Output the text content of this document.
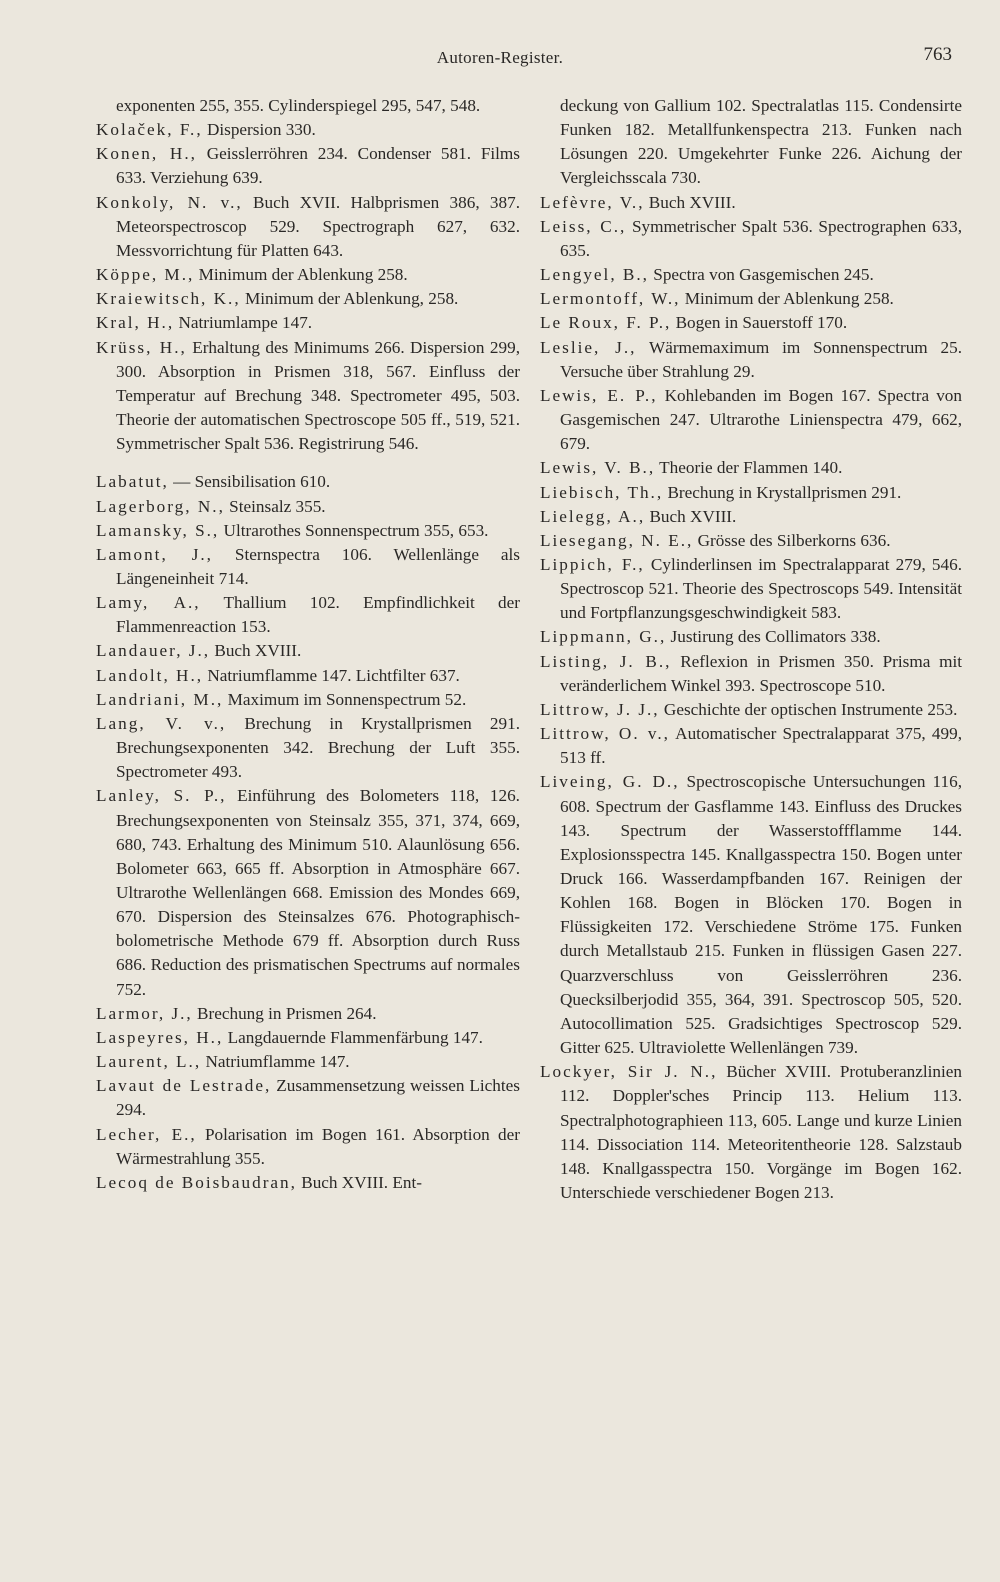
Autoren-Register.	763

exponenten 255, 355. Cylinderspiegel 295, 547, 548.

Kolaček, F., Dispersion 330.

Konen, H., Geisslerröhren 234. Condenser 581. Films 633. Verziehung 639.

Konkoly, N. v., Buch XVII. Halbprismen 386, 387. Meteorspectroscop 529. Spectrograph 627, 632. Messvorrichtung für Platten 643.

Köppe, M., Minimum der Ablenkung 258.

Kraiewitsch, K., Minimum der Ablenkung, 258.

Kral, H., Natriumlampe 147.

Krüss, H., Erhaltung des Minimums 266. Dispersion 299, 300. Absorption in Prismen 318, 567. Einfluss der Temperatur auf Brechung 348. Spectrometer 495, 503. Theorie der automatischen Spectroscope 505 ff., 519, 521. Symmetrischer Spalt 536. Registrirung 546.

Labatut, — Sensibilisation 610.

Lagerborg, N., Steinsalz 355.

Lamansky, S., Ultrarothes Sonnenspectrum 355, 653.

Lamont, J., Sternspectra 106. Wellenlänge als Längeneinheit 714.

Lamy, A., Thallium 102. Empfindlichkeit der Flammenreaction 153.

Landauer, J., Buch XVIII.

Landolt, H., Natriumflamme 147. Lichtfilter 637.

Landriani, M., Maximum im Sonnenspectrum 52.

Lang, V. v., Brechung in Krystallprismen 291. Brechungsexponenten 342. Brechung der Luft 355. Spectrometer 493.

Lanley, S. P., Einführung des Bolometers 118, 126. Brechungsexponenten von Steinsalz 355, 371, 374, 669, 680, 743. Erhaltung des Minimum 510. Alaunlösung 656. Bolometer 663, 665 ff. Absorption in Atmosphäre 667. Ultrarothe Wellenlängen 668. Emission des Mondes 669, 670. Dispersion des Steinsalzes 676. Photographisch-bolometrische Methode 679 ff. Absorption durch Russ 686. Reduction des prismatischen Spectrums auf normales 752.

Larmor, J., Brechung in Prismen 264.

Laspeyres, H., Langdauernde Flammenfärbung 147.

Laurent, L., Natriumflamme 147.

Lavaut de Lestrade, Zusammensetzung weissen Lichtes 294.

Lecher, E., Polarisation im Bogen 161. Absorption der Wärmestrahlung 355.

Lecoq de Boisbaudran, Buch XVIII. Ent-

deckung von Gallium 102. Spectralatlas 115. Condensirte Funken 182. Metallfunkenspectra 213. Funken nach Lösungen 220. Umgekehrter Funke 226. Aichung der Vergleichsscala 730.

Lefèvre, V., Buch XVIII.

Leiss, C., Symmetrischer Spalt 536. Spectrographen 633, 635.

Lengyel, B., Spectra von Gasgemischen 245.

Lermontoff, W., Minimum der Ablenkung 258.

Le Roux, F. P., Bogen in Sauerstoff 170.

Leslie, J., Wärmemaximum im Sonnenspectrum 25. Versuche über Strahlung 29.

Lewis, E. P., Kohlebanden im Bogen 167. Spectra von Gasgemischen 247. Ultrarothe Linienspectra 479, 662, 679.

Lewis, V. B., Theorie der Flammen 140.

Liebisch, Th., Brechung in Krystallprismen 291.

Lielegg, A., Buch XVIII.

Liesegang, N. E., Grösse des Silberkorns 636.

Lippich, F., Cylinderlinsen im Spectralapparat 279, 546. Spectroscop 521. Theorie des Spectroscops 549. Intensität und Fortpflanzungsgeschwindigkeit 583.

Lippmann, G., Justirung des Collimators 338.

Listing, J. B., Reflexion in Prismen 350. Prisma mit veränderlichem Winkel 393. Spectroscope 510.

Littrow, J. J., Geschichte der optischen Instrumente 253.

Littrow, O. v., Automatischer Spectralapparat 375, 499, 513 ff.

Liveing, G. D., Spectroscopische Untersuchungen 116, 608. Spectrum der Gasflamme 143. Einfluss des Druckes 143. Spectrum der Wasserstoffflamme 144. Explosionsspectra 145. Knallgasspectra 150. Bogen unter Druck 166. Wasserdampfbanden 167. Reinigen der Kohlen 168. Bogen in Blöcken 170. Bogen in Flüssigkeiten 172. Verschiedene Ströme 175. Funken durch Metallstaub 215. Funken in flüssigen Gasen 227. Quarzverschluss von Geisslerröhren 236. Quecksilberjodid 355, 364, 391. Spectroscop 505, 520. Autocollimation 525. Gradsichtiges Spectroscop 529. Gitter 625. Ultraviolette Wellenlängen 739.

Lockyer, Sir J. N., Bücher XVIII. Protuberanzlinien 112. Doppler'sches Princip 113. Helium 113. Spectralphotographieen 113, 605. Lange und kurze Linien 114. Dissociation 114. Meteoritentheorie 128. Salzstaub 148. Knallgasspectra 150. Vorgänge im Bogen 162. Unterschiede verschiedener Bogen 213.
